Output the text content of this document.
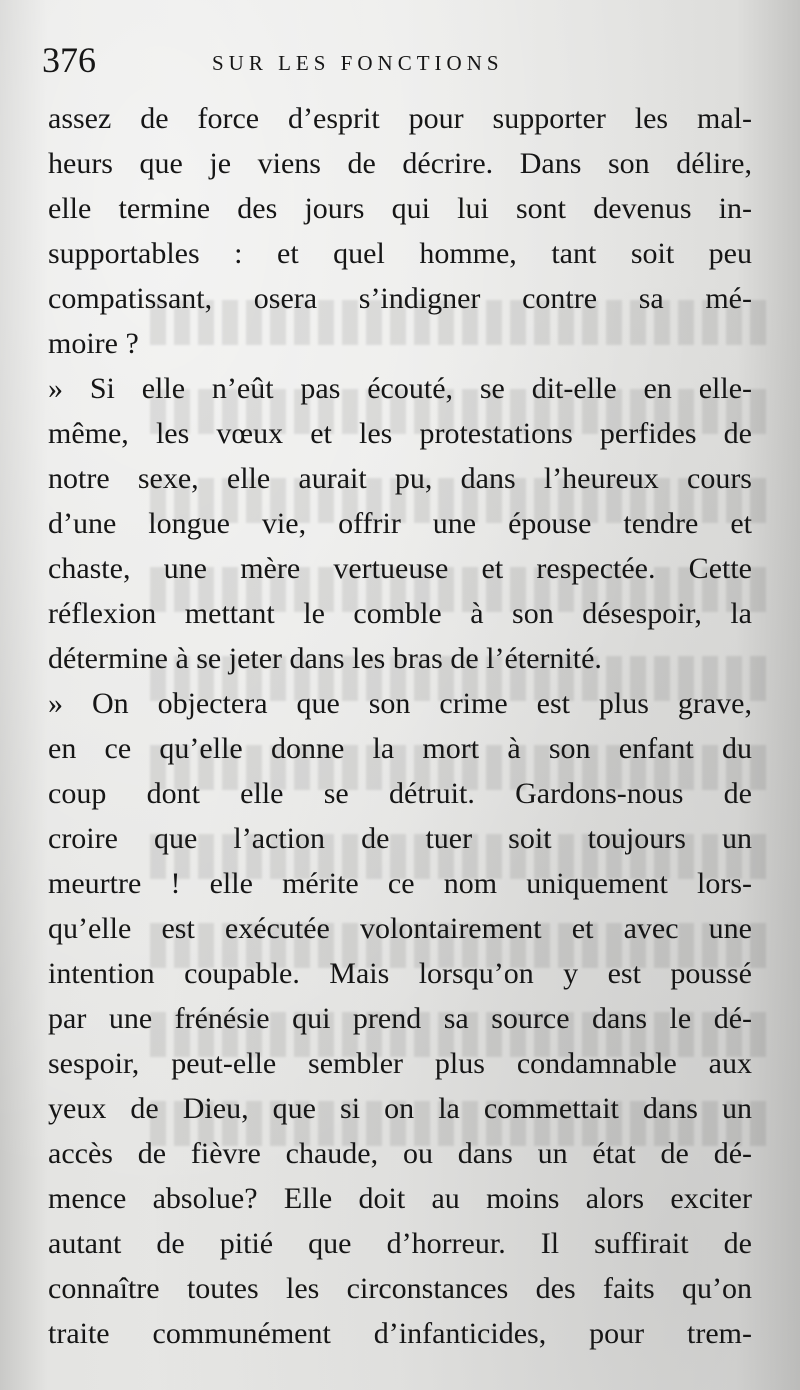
376	SUR LES FONCTIONS
assez de force d’esprit pour supporter les mal-
heurs que je viens de décrire. Dans son délire,
elle termine des jours qui lui sont devenus in-
supportables : et quel homme, tant soit peu
compatissant, osera s’indigner contre sa mé-
moire ?
» Si elle n’eût pas écouté, se dit-elle en elle-
même, les vœux et les protestations perfides de
notre sexe, elle aurait pu, dans l’heureux cours
d’une longue vie, offrir une épouse tendre et
chaste, une mère vertueuse et respectée. Cette
réflexion mettant le comble à son désespoir, la
détermine à se jeter dans les bras de l’éternité.
» On objectera que son crime est plus grave,
en ce qu’elle donne la mort à son enfant du
coup dont elle se détruit. Gardons-nous de
croire que l’action de tuer soit toujours un
meurtre ! elle mérite ce nom uniquement lors-
qu’elle est exécutée volontairement et avec une
intention coupable. Mais lorsqu’on y est poussé
par une frénésie qui prend sa source dans le dé-
sespoir, peut-elle sembler plus condamnable aux
yeux de Dieu, que si on la commettait dans un
accès de fièvre chaude, ou dans un état de dé-
mence absolue? Elle doit au moins alors exciter
autant de pitié que d’horreur. Il suffirait de
connaître toutes les circonstances des faits qu’on
traite communément d’infanticides, pour trem-
